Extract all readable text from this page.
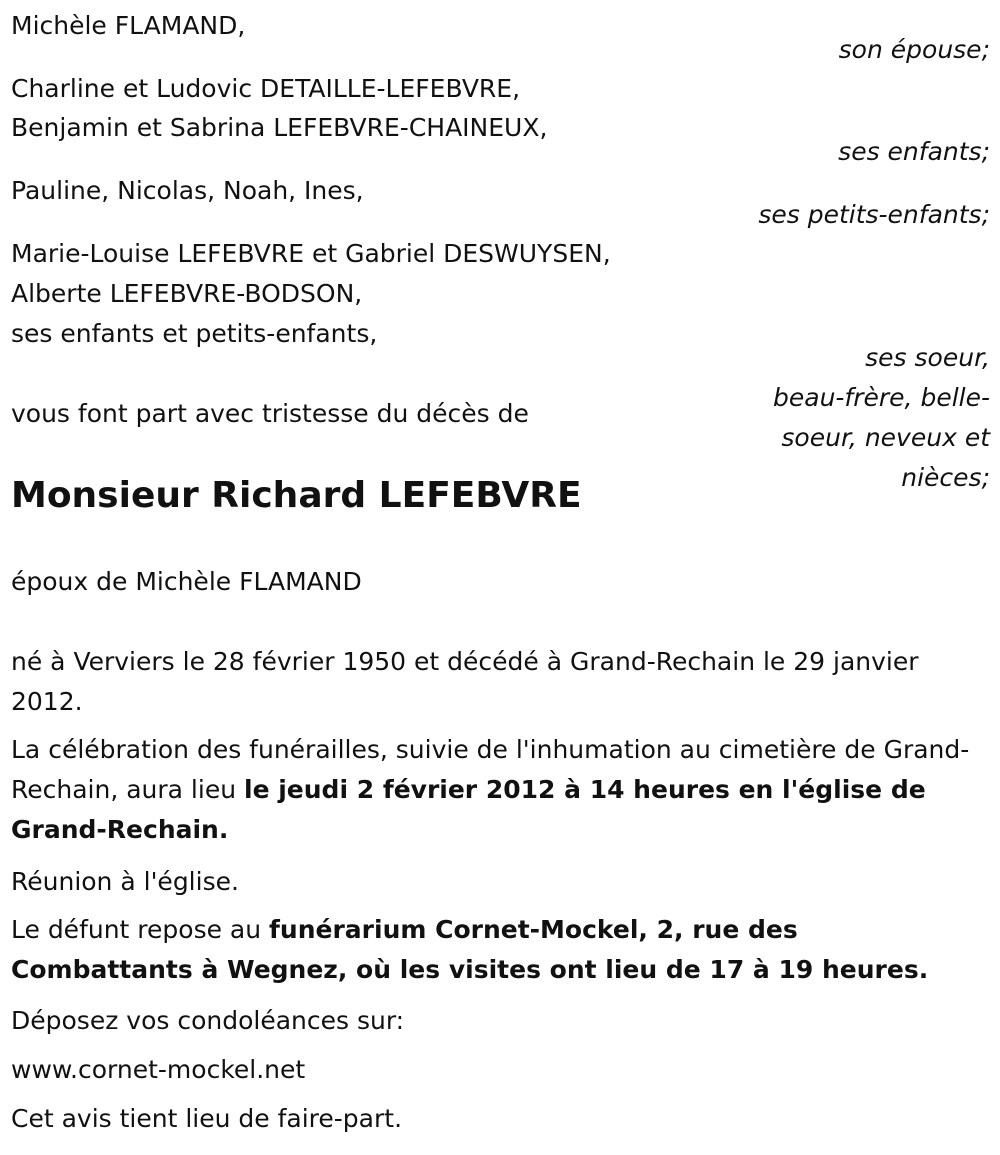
Michèle FLAMAND,
son épouse;
Charline et Ludovic DETAILLE-LEFEBVRE,
Benjamin et Sabrina LEFEBVRE-CHAINEUX,
ses enfants;
Pauline, Nicolas, Noah, Ines,
ses petits-enfants;
Marie-Louise LEFEBVRE et Gabriel DESWUYSEN,
Alberte LEFEBVRE-BODSON,
ses enfants et petits-enfants,
ses soeur,
beau-frère, belle-
soeur, neveux et
nièces;
vous font part avec tristesse du décès de
Monsieur Richard LEFEBVRE
époux de Michèle FLAMAND
né à Verviers le 28 février 1950 et décédé à Grand-Rechain le 29 janvier 2012.
La célébration des funérailles, suivie de l'inhumation au cimetière de Grand-Rechain, aura lieu le jeudi 2 février 2012 à 14 heures en l'église de Grand-Rechain.
Réunion à l'église.
Le défunt repose au funérarium Cornet-Mockel, 2, rue des Combattants à Wegnez, où les visites ont lieu de 17 à 19 heures.
Déposez vos condoléances sur:
www.cornet-mockel.net
Cet avis tient lieu de faire-part.
